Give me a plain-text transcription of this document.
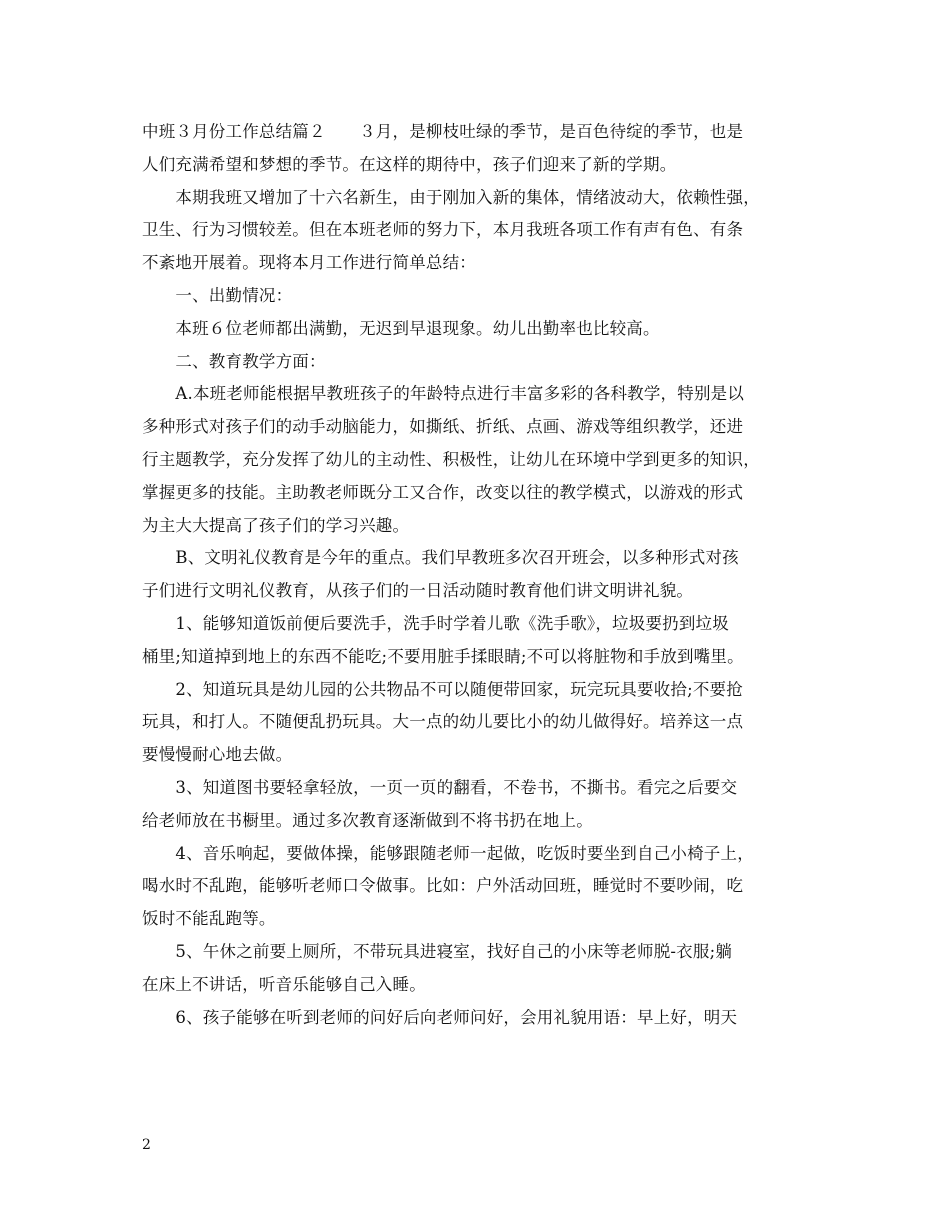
中班３月份工作总结篇２　　３月，是柳枝吐绿的季节，是百色待绽的季节，也是
人们充满希望和梦想的季节。在这样的期待中，孩子们迎来了新的学期。
　　本期我班又增加了十六名新生，由于刚加入新的集体，情绪波动大，依赖性强，
卫生、行为习惯较差。但在本班老师的努力下，本月我班各项工作有声有色、有条
不紊地开展着。现将本月工作进行简单总结：
　　一、出勤情况：
　　本班６位老师都出满勤，无迟到早退现象。幼儿出勤率也比较高。
　　二、教育教学方面：
　　A.本班老师能根据早教班孩子的年龄特点进行丰富多彩的各科教学，特别是以
多种形式对孩子们的动手动脑能力，如撕纸、折纸、点画、游戏等组织教学，还进
行主题教学，充分发挥了幼儿的主动性、积极性，让幼儿在环境中学到更多的知识，
掌握更多的技能。主助教老师既分工又合作，改变以往的教学模式，以游戏的形式
为主大大提高了孩子们的学习兴趣。
　　B、文明礼仪教育是今年的重点。我们早教班多次召开班会，以多种形式对孩
子们进行文明礼仪教育，从孩子们的一日活动随时教育他们讲文明讲礼貌。
　　1、能够知道饭前便后要洗手，洗手时学着儿歌《洗手歌》，垃圾要扔到垃圾
桶里;知道掉到地上的东西不能吃;不要用脏手揉眼睛;不可以将脏物和手放到嘴里。
　　2、知道玩具是幼儿园的公共物品不可以随便带回家，玩完玩具要收拾;不要抢
玩具，和打人。不随便乱扔玩具。大一点的幼儿要比小的幼儿做得好。培养这一点
要慢慢耐心地去做。
　　3、知道图书要轻拿轻放，一页一页的翻看，不卷书，不撕书。看完之后要交
给老师放在书橱里。通过多次教育逐渐做到不将书扔在地上。
　　4、音乐响起，要做体操，能够跟随老师一起做，吃饭时要坐到自己小椅子上，
喝水时不乱跑，能够听老师口令做事。比如：户外活动回班，睡觉时不要吵闹，吃
饭时不能乱跑等。
　　5、午休之前要上厕所，不带玩具进寝室，找好自己的小床等老师脱-衣服;躺
在床上不讲话，听音乐能够自己入睡。
　　6、孩子能够在听到老师的问好后向老师问好，会用礼貌用语：早上好，明天
2
